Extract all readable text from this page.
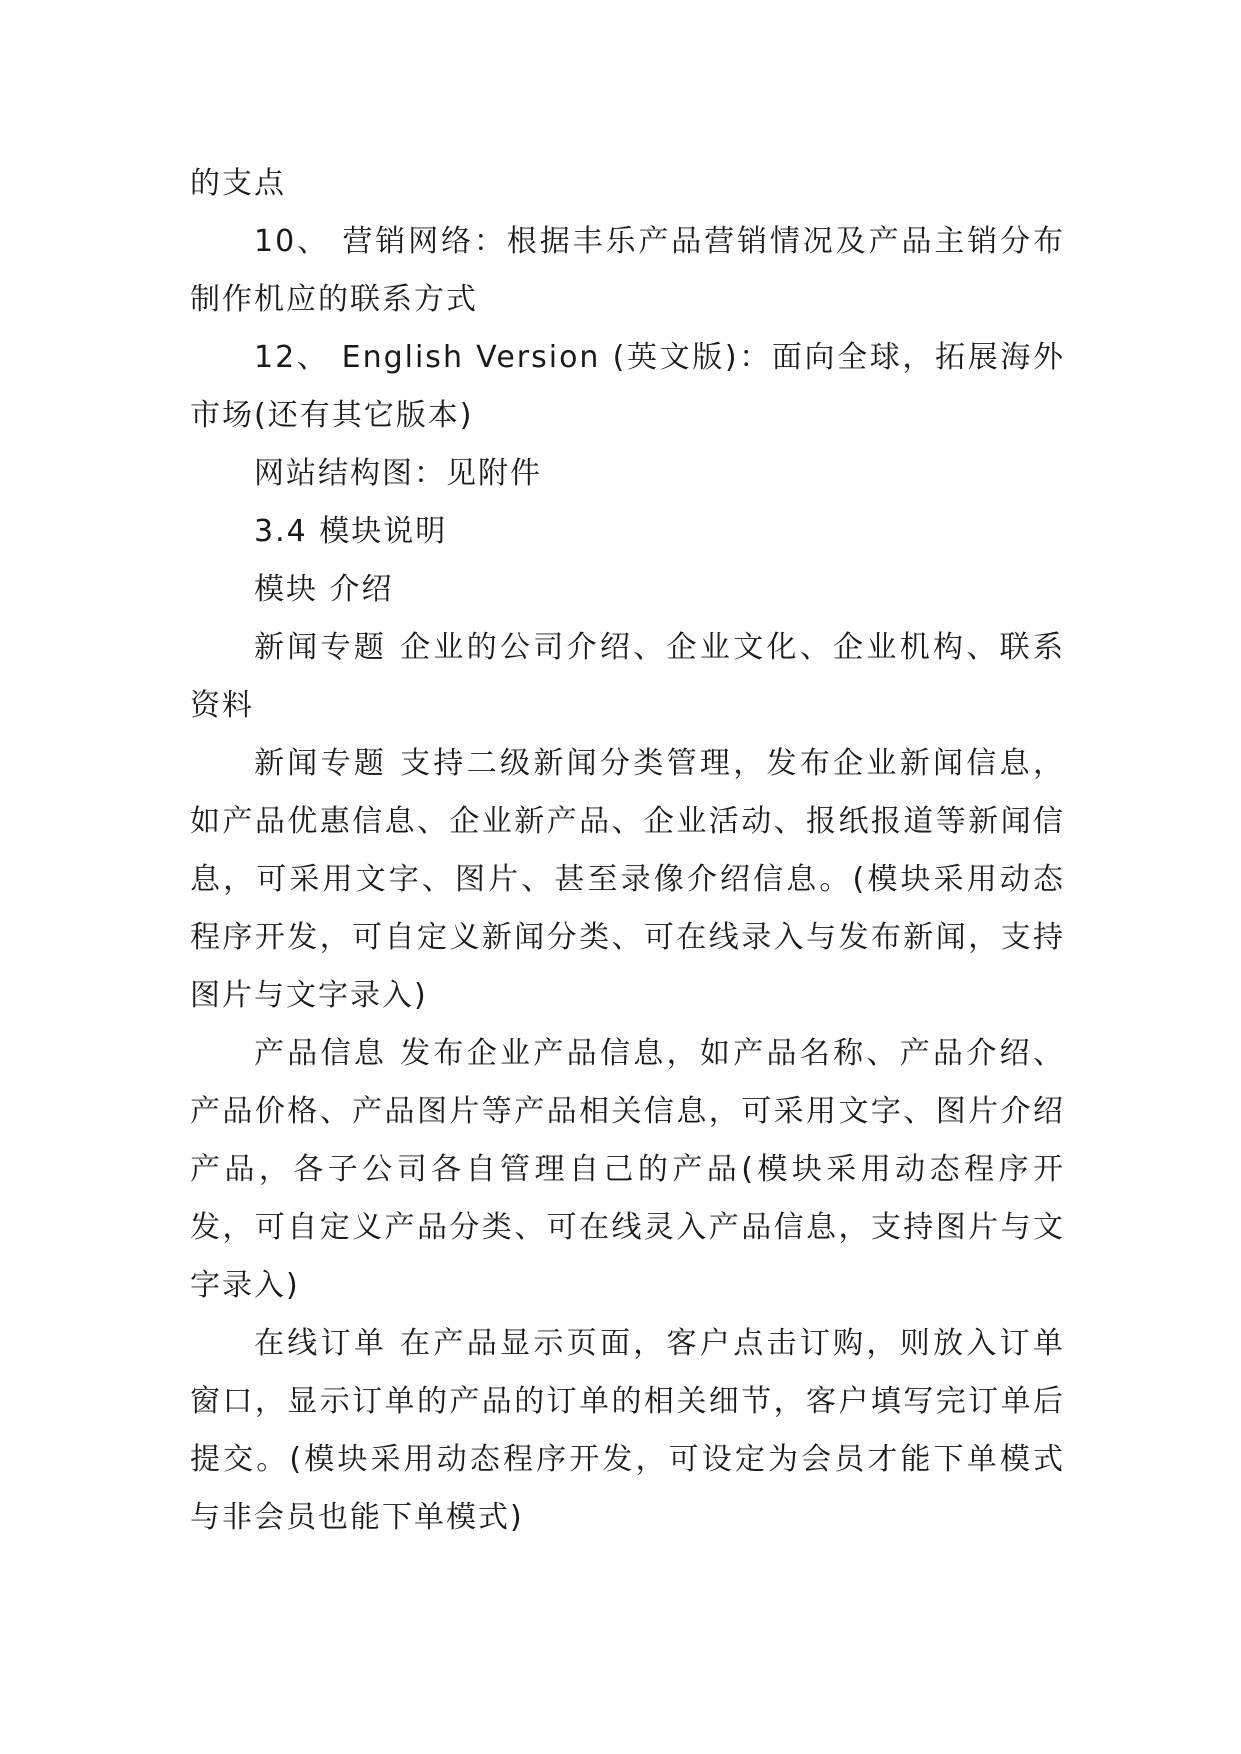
的支点

10、 营销网络：根据丰乐产品营销情况及产品主销分布制作机应的联系方式

12、 English Version (英文版)：面向全球，拓展海外市场(还有其它版本)

网站结构图：见附件

3.4 模块说明

模块 介绍

新闻专题 企业的公司介绍、企业文化、企业机构、联系资料

新闻专题 支持二级新闻分类管理，发布企业新闻信息，如产品优惠信息、企业新产品、企业活动、报纸报道等新闻信息，可采用文字、图片、甚至录像介绍信息。(模块采用动态程序开发，可自定义新闻分类、可在线录入与发布新闻，支持图片与文字录入)

产品信息 发布企业产品信息，如产品名称、产品介绍、产品价格、产品图片等产品相关信息，可采用文字、图片介绍产品，各子公司各自管理自己的产品(模块采用动态程序开发，可自定义产品分类、可在线灵入产品信息，支持图片与文字录入)

在线订单 在产品显示页面，客户点击订购，则放入订单窗口，显示订单的产品的订单的相关细节，客户填写完订单后提交。(模块采用动态程序开发，可设定为会员才能下单模式与非会员也能下单模式)
